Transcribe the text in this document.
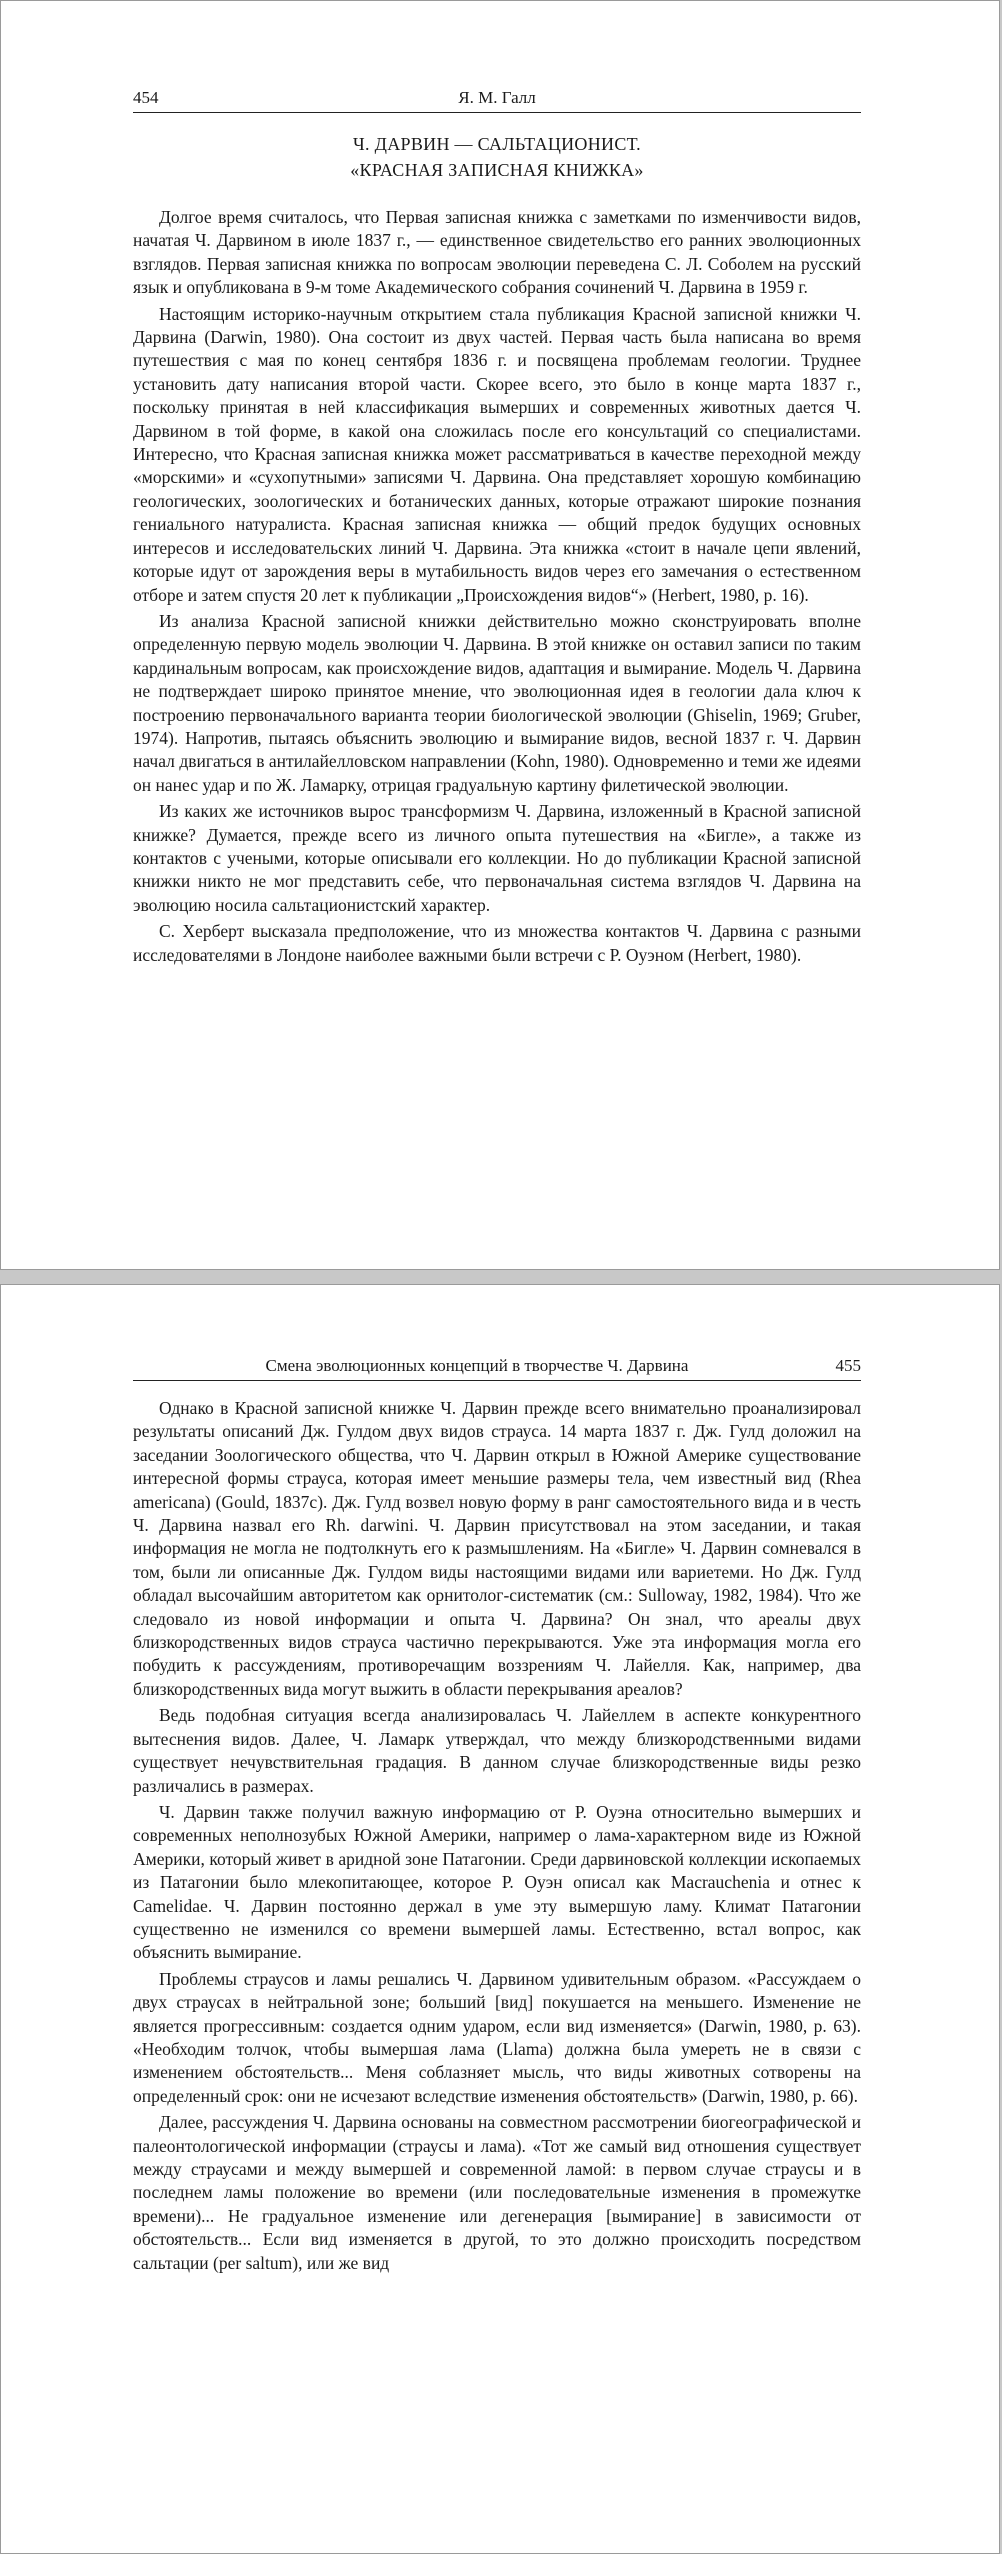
454	Я. М. Галл
Ч. ДАРВИН — САЛЬТАЦИОНИСТ.
«КРАСНАЯ ЗАПИСНАЯ КНИЖКА»

Долгое время считалось, что Первая записная книжка с заметками по изменчивости видов, начатая Ч. Дарвином в июле 1837 г., — единственное свидетельство его ранних эволюционных взглядов. Первая записная книжка по вопросам эволюции переведена С. Л. Соболем на русский язык и опубликована в 9-м томе Академического собрания сочинений Ч. Дарвина в 1959 г.

Настоящим историко-научным открытием стала публикация Красной записной книжки Ч. Дарвина (Darwin, 1980). Она состоит из двух частей. Первая часть была написана во время путешествия с мая по конец сентября 1836 г. и посвящена проблемам геологии. Труднее установить дату написания второй части. Скорее всего, это было в конце марта 1837 г., поскольку принятая в ней классификация вымерших и современных животных дается Ч. Дарвином в той форме, в какой она сложилась после его консультаций со специалистами. Интересно, что Красная записная книжка может рассматриваться в качестве переходной между «морскими» и «сухопутными» записями Ч. Дарвина. Она представляет хорошую комбинацию геологических, зоологических и ботанических данных, которые отражают широкие познания гениального натуралиста. Красная записная книжка — общий предок будущих основных интересов и исследовательских линий Ч. Дарвина. Эта книжка «стоит в начале цепи явлений, которые идут от зарождения веры в мутабильность видов через его замечания о естественном отборе и затем спустя 20 лет к публикации „Происхождения видов“» (Herbert, 1980, p. 16).

Из анализа Красной записной книжки действительно можно сконструировать вполне определенную первую модель эволюции Ч. Дарвина. В этой книжке он оставил записи по таким кардинальным вопросам, как происхождение видов, адаптация и вымирание. Модель Ч. Дарвина не подтверждает широко принятое мнение, что эволюционная идея в геологии дала ключ к построению первоначального варианта теории биологической эволюции (Ghiselin, 1969; Gruber, 1974). Напротив, пытаясь объяснить эволюцию и вымирание видов, весной 1837 г. Ч. Дарвин начал двигаться в антилайелловском направлении (Kohn, 1980). Одновременно и теми же идеями он нанес удар и по Ж. Ламарку, отрицая градуальную картину филетической эволюции.

Из каких же источников вырос трансформизм Ч. Дарвина, изложенный в Красной записной книжке? Думается, прежде всего из личного опыта путешествия на «Бигле», а также из контактов с учеными, которые описывали его коллекции. Но до публикации Красной записной книжки никто не мог представить себе, что первоначальная система взглядов Ч. Дарвина на эволюцию носила сальтационистский характер.

С. Херберт высказала предположение, что из множества контактов Ч. Дарвина с разными исследователями в Лондоне наиболее важными были встречи с Р. Оуэном (Herbert, 1980).

Смена эволюционных концепций в творчестве Ч. Дарвина	455

Однако в Красной записной книжке Ч. Дарвин прежде всего внимательно проанализировал результаты описаний Дж. Гулдом двух видов страуса. 14 марта 1837 г. Дж. Гулд доложил на заседании Зоологического общества, что Ч. Дарвин открыл в Южной Америке существование интересной формы страуса, которая имеет меньшие размеры тела, чем известный вид (Rhea americana) (Gould, 1837c). Дж. Гулд возвел новую форму в ранг самостоятельного вида и в честь Ч. Дарвина назвал его Rh. darwini. Ч. Дарвин присутствовал на этом заседании, и такая информация не могла не подтолкнуть его к размышлениям. На «Бигле» Ч. Дарвин сомневался в том, были ли описанные Дж. Гулдом виды настоящими видами или вариетеми. Но Дж. Гулд обладал высочайшим авторитетом как орнитолог-систематик (см.: Sulloway, 1982, 1984). Что же следовало из новой информации и опыта Ч. Дарвина? Он знал, что ареалы двух близкородственных видов страуса частично перекрываются. Уже эта информация могла его побудить к рассуждениям, противоречащим воззрениям Ч. Лайелля. Как, например, два близкородственных вида могут выжить в области перекрывания ареалов?

Ведь подобная ситуация всегда анализировалась Ч. Лайеллем в аспекте конкурентного вытеснения видов. Далее, Ч. Ламарк утверждал, что между близкородственными видами существует нечувствительная градация. В данном случае близкородственные виды резко различались в размерах.

Ч. Дарвин также получил важную информацию от Р. Оуэна относительно вымерших и современных неполнозубых Южной Америки, например о лама-характерном виде из Южной Америки, который живет в аридной зоне Патагонии. Среди дарвиновской коллекции ископаемых из Патагонии было млекопитающее, которое Р. Оуэн описал как Macrauchenia и отнес к Camelidae. Ч. Дарвин постоянно держал в уме эту вымершую ламу. Климат Патагонии существенно не изменился со времени вымершей ламы. Естественно, встал вопрос, как объяснить вымирание.

Проблемы страусов и ламы решались Ч. Дарвином удивительным образом. «Рассуждаем о двух страусах в нейтральной зоне; больший [вид] покушается на меньшего. Изменение не является прогрессивным: создается одним ударом, если вид изменяется» (Darwin, 1980, p. 63). «Необходим толчок, чтобы вымершая лама (Llama) должна была умереть не в связи с изменением обстоятельств... Меня соблазняет мысль, что виды животных сотворены на определенный срок: они не исчезают вследствие изменения обстоятельств» (Darwin, 1980, p. 66).

Далее, рассуждения Ч. Дарвина основаны на совместном рассмотрении биогеографической и палеонтологической информации (страусы и лама). «Тот же самый вид отношения существует между страусами и между вымершей и современной ламой: в первом случае страусы и в последнем ламы положение во времени (или последовательные изменения в промежутке времени)... Не градуальное изменение или дегенерация [вымирание] в зависимости от обстоятельств... Если вид изменяется в другой, то это должно происходить посредством сальтации (per saltum), или же вид
